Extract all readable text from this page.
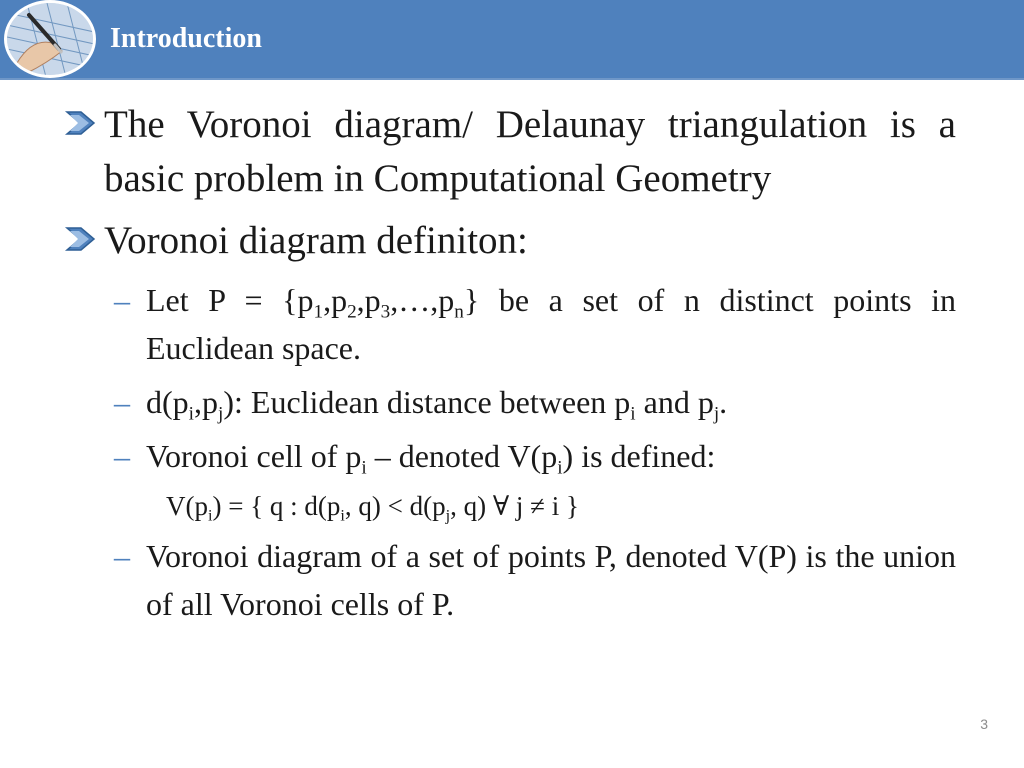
Introduction
The Voronoi diagram/ Delaunay triangulation is a basic problem in Computational Geometry
Voronoi diagram definiton:
– Let $P = \{p_1,p_2,p_3,\dots,p_n\}$ be a set of n distinct points in Euclidean space.
– $d(p_i,p_j)$: Euclidean distance between $p_i$ and $p_j$.
– Voronoi cell of $p_i$ – denoted $V(p_i)$ is defined:
$V(p_i)$ = { q : $d(p_i$, $q) < d(p_j$, q) ∀ j ≠ i }
– Voronoi diagram of a set of points P, denoted V(P) is the union of all Voronoi cells of P.
3
